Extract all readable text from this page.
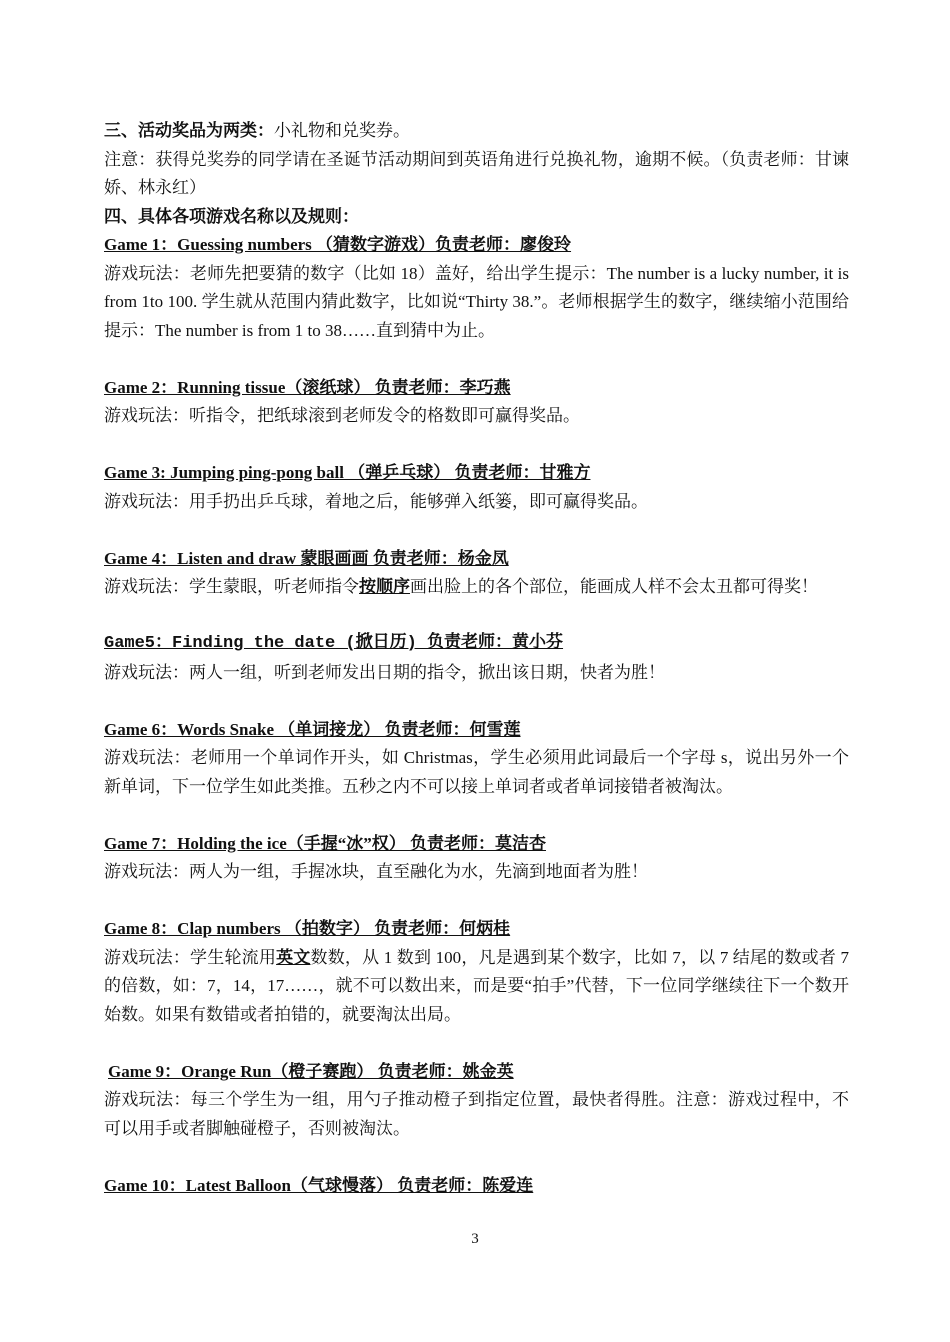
三、活动奖品为两类：小礼物和兑奖券。
注意：获得兑奖券的同学请在圣诞节活动期间到英语角进行兑换礼物，逾期不候。（负责老师：甘谏娇、林永红）
四、具体各项游戏名称以及规则：
Game 1：Guessing numbers （猜数字游戏）负责老师：廖俊玲
游戏玩法：老师先把要猜的数字（比如 18）盖好，给出学生提示：The number is a lucky number, it is from 1to 100. 学生就从范围内猜此数字，比如说“Thirty 38.”。老师根据学生的数字，继续缩小范围给提示：The number is from 1 to 38……直到猜中为止。
Game 2：Running tissue（滚纸球） 负责老师：李巧燕
游戏玩法：听指令，把纸球滚到老师发令的格数即可赢得奖品。
Game 3: Jumping ping-pong ball （弹乒乓球） 负责老师：甘雅方
游戏玩法：用手扔出乒乓球，着地之后，能够弹入纸篓，即可赢得奖品。
Game 4：Listen and draw 蒙眼画画 负责老师：杨金凤
游戏玩法：学生蒙眼，听老师指令按顺序画出脸上的各个部位，能画成人样不会太丑都可得奖！
Game5：Finding the date (掀日历) 负责老师：黄小芬
游戏玩法：两人一组，听到老师发出日期的指令，掀出该日期，快者为胜！
Game 6：Words Snake （单词接龙） 负责老师：何雪莲
游戏玩法：老师用一个单词作开头，如 Christmas，学生必须用此词最后一个字母 s，说出另外一个新单词，下一位学生如此类推。五秒之内不可以接上单词者或者单词接错者被淘汰。
Game 7：Holding the ice（手握“冰”权） 负责老师：莫洁杏
游戏玩法：两人为一组，手握冰块，直至融化为水，先滴到地面者为胜！
Game 8：Clap numbers （拍数字） 负责老师：何炳桂
游戏玩法：学生轮流用英文数数，从 1 数到 100，凡是遇到某个数字，比如 7，以 7 结尾的数或者 7 的倍数，如：7，14，17……，就不可以数出来，而是要“拍手”代替，下一位同学继续往下一个数开始数。如果有数错或者拍错的，就要淘汰出局。
Game 9：Orange Run（橙子赛跑） 负责老师：姚金英
游戏玩法：每三个学生为一组，用勺子推动橙子到指定位置，最快者得胜。注意：游戏过程中，不可以用手或者脚触碰橙子，否则被淘汰。
Game 10：Latest Balloon（气球慢落） 负责老师：陈爱连
3
